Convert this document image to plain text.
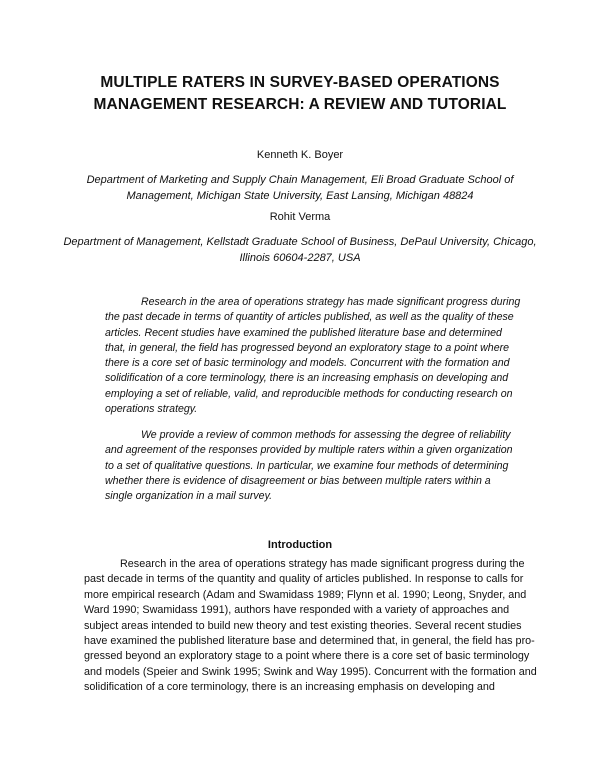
MULTIPLE RATERS IN SURVEY-BASED OPERATIONS
MANAGEMENT RESEARCH: A REVIEW AND TUTORIAL
Kenneth K. Boyer
Department of Marketing and Supply Chain Management, Eli Broad Graduate School of
Management, Michigan State University, East Lansing, Michigan 48824
Rohit Verma
Department of Management, Kellstadt Graduate School of Business, DePaul University, Chicago,
Illinois 60604-2287, USA
Research in the area of operations strategy has made significant progress during
the past decade in terms of quantity of articles published, as well as the quality of these
articles. Recent studies have examined the published literature base and determined
that, in general, the field has progressed beyond an exploratory stage to a point where
there is a core set of basic terminology and models. Concurrent with the formation and
solidification of a core terminology, there is an increasing emphasis on developing and
employing a set of reliable, valid, and reproducible methods for conducting research on
operations strategy.
We provide a review of common methods for assessing the degree of reliability
and agreement of the responses provided by multiple raters within a given organization
to a set of qualitative questions. In particular, we examine four methods of determining
whether there is evidence of disagreement or bias between multiple raters within a
single organization in a mail survey.
Introduction
Research in the area of operations strategy has made significant progress during the
past decade in terms of the quantity and quality of articles published. In response to calls for
more empirical research (Adam and Swamidass 1989; Flynn et al. 1990; Leong, Snyder, and
Ward 1990; Swamidass 1991), authors have responded with a variety of approaches and
subject areas intended to build new theory and test existing theories. Several recent studies
have examined the published literature base and determined that, in general, the field has pro-
gressed beyond an exploratory stage to a point where there is a core set of basic terminology
and models (Speier and Swink 1995; Swink and Way 1995). Concurrent with the formation and
solidification of a core terminology, there is an increasing emphasis on developing and
